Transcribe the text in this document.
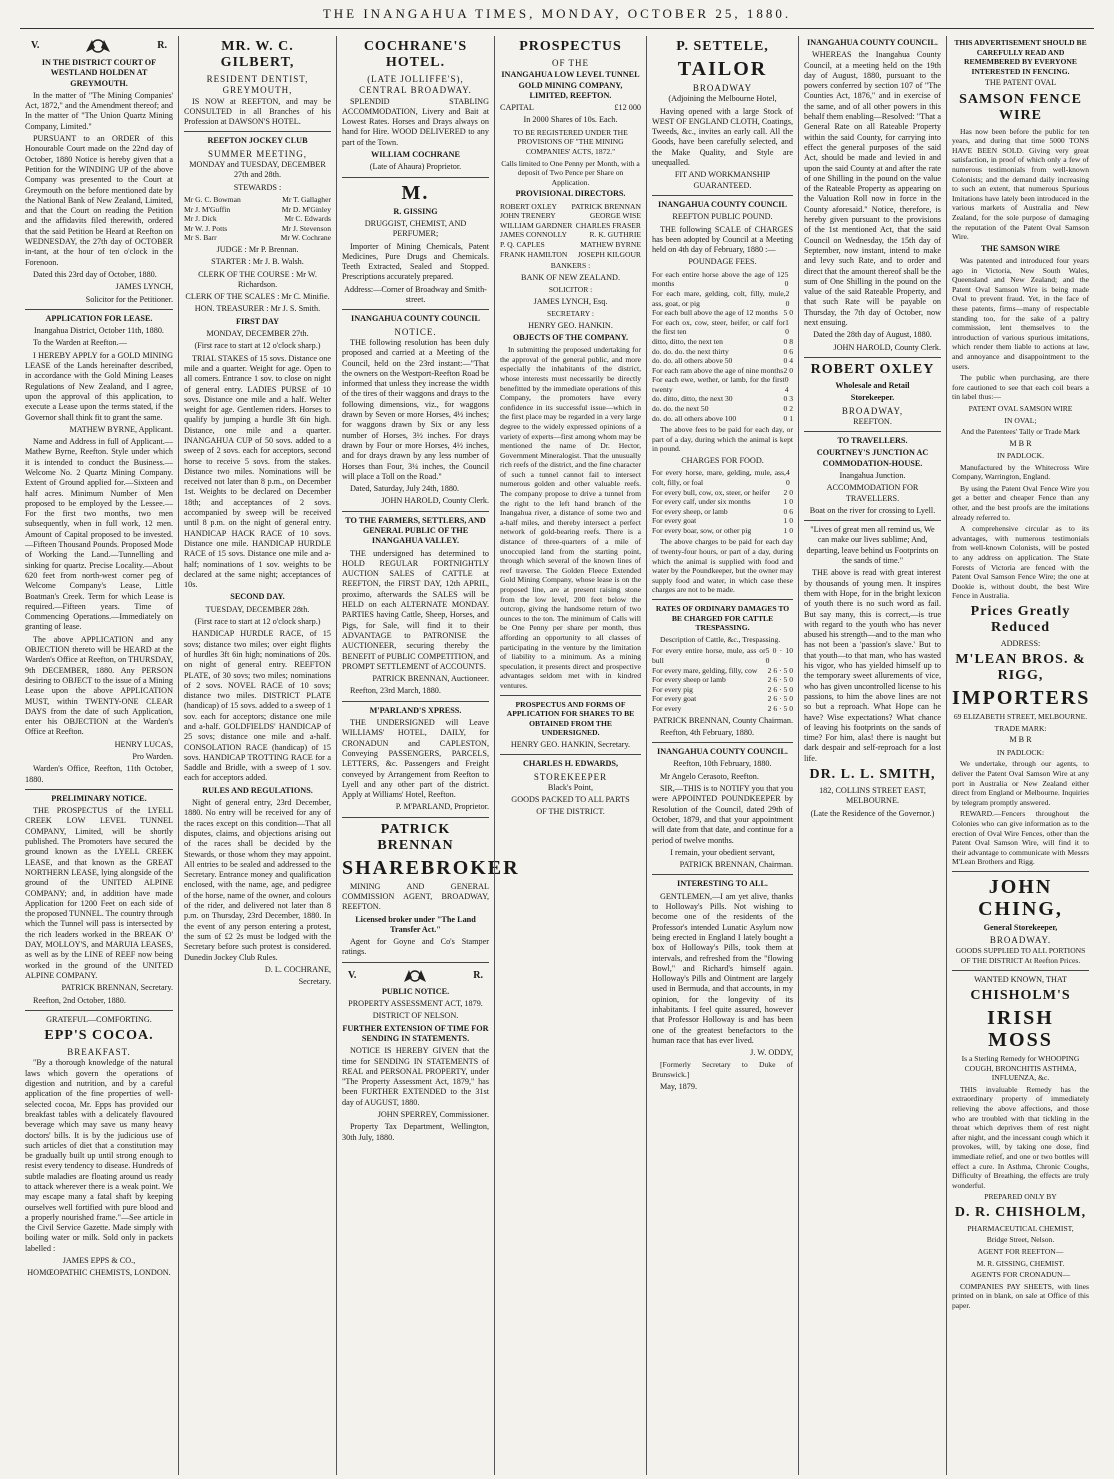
THE INANGAHUA TIMES, MONDAY, OCTOBER 25, 1880.
V.	R.

IN THE DISTRICT COURT OF WESTLAND HOLDEN AT GREYMOUTH.

In the matter of "The Mining Companies' Act, 1872," and the Amendment thereof; and In the matter of "The Union Quartz Mining Company, Limited."

PURSUANT to an ORDER of this Honourable Court made on the 22nd day of October, 1880 Notice is hereby given that a Petition for the WINDING UP of the above Company was presented to the Court at Greymouth on the before mentioned date by the National Bank of New Zealand, Limited, and that the Court on reading the Petition and the affidavits filed therewith, ordered that the said Petition be Heard at Reefton on WEDNESDAY, the 27th day of OCTOBER in-tant, at the hour of ten o'clock in the Forenoon.

Dated this 23rd day of October, 1880.

JAMES LYNCH,

Solicitor for the Petitioner.

APPLICATION FOR LEASE.

Inangahua District, October 11th, 1880.

To the Warden at Reefton.—

I HEREBY APPLY for a GOLD MINING LEASE of the Lands hereinafter described, in accordance with the Gold Mining Leases Regulations of New Zealand, and I agree, upon the approval of this application, to execute a Lease upon the terms stated, if the Governor shall think fit to grant the same.

MATHEW BYRNE, Applicant.

Name and Address in full of Applicant.—Mathew Byrne, Reefton. Style under which it is intended to conduct the Business.—Welcome No. 2 Quartz Mining Company. Extent of Ground applied for.—Sixteen and half acres. Minimum Number of Men proposed to be employed by the Lessee.—For the first two months, two men subsequently, when in full work, 12 men. Amount of Capital proposed to be invested.—Fifteen Thousand Pounds. Proposed Mode of Working the Land.—Tunnelling and sinking for quartz. Precise Locality.—About 620 feet from north-west corner peg of Welcome Company's Lease, Little Boatman's Creek. Term for which Lease is required.—Fifteen years. Time of Commencing Operations.—Immediately on granting of lease.

The above APPLICATION and any OBJECTION thereto will be HEARD at the Warden's Office at Reefton, on THURSDAY, 9th DECEMBER, 1880. Any PERSON desiring to OBJECT to the issue of a Mining Lease upon the above APPLICATION MUST, within TWENTY-ONE CLEAR DAYS from the date of such Application, enter his OBJECTION at the Warden's Office at Reefton.

HENRY LUCAS,

Pro Warden.

Warden's Office, Reefton, 11th October, 1880.

PRELIMINARY NOTICE.

THE PROSPECTUS of the LYELL CREEK LOW LEVEL TUNNEL COMPANY, Limited, will be shortly published. The Promoters have secured the ground known as the LYELL CREEK LEASE, and that known as the GREAT NORTHERN LEASE, lying alongside of the ground of the UNITED ALPINE COMPANY; and, in addition have made Application for 1200 Feet on each side of the proposed TUNNEL. The country through which the Tunnel will pass is intersected by the rich leaders worked in the BREAK O' DAY, MOLLOY'S, and MARUIA LEASES, as well as by the LINE of REEF now being worked in the ground of the UNITED ALPINE COMPANY.

PATRICK BRENNAN, Secretary.

Reefton, 2nd October, 1880.

GRATEFUL—COMFORTING.

EPP'S COCOA.

BREAKFAST.

"By a thorough knowledge of the natural laws which govern the operations of digestion and nutrition, and by a careful application of the fine properties of well-selected cocoa, Mr. Epps has provided our breakfast tables with a delicately flavoured beverage which may save us many heavy doctors' bills. It is by the judicious use of such articles of diet that a constitution may be gradually built up until strong enough to resist every tendency to disease. Hundreds of subtle maladies are floating around us ready to attack wherever there is a weak point. We may escape many a fatal shaft by keeping ourselves well fortified with pure blood and a properly nourished frame."—See article in the Civil Service Gazette. Made simply with boiling water or milk. Sold only in packets labelled :

JAMES EPPS & CO.,

HOMŒOPATHIC CHEMISTS, LONDON.

MR. W. C. GILBERT,

RESIDENT DENTIST,

GREYMOUTH,

IS NOW at REEFTON, and may be CONSULTED in all Branches of his Profession at DAWSON'S HOTEL.

REEFTON JOCKEY CLUB

SUMMER MEETING,

MONDAY and TUESDAY, DECEMBER 27th and 28th.

STEWARDS :

Mr G. C. Bowman	Mr T. Gallagher
Mr J. M'Guffin	Mr D. M'Ginley
Mr J. Dick	Mr C. Edwards
Mr W. J. Potts	Mr J. Stevenson
Mr S. Barr	Mr W. Cochrane

JUDGE : Mr P. Brennan.

STARTER : Mr J. B. Walsh.

CLERK OF THE COURSE : Mr W. Richardson.

CLERK OF THE SCALES : Mr C. Minifie.

HON. TREASURER : Mr J. S. Smith.

FIRST DAY

MONDAY, DECEMBER 27th.

(First race to start at 12 o'clock sharp.)

TRIAL STAKES of 15 sovs. Distance one mile and a quarter. Weight for age. Open to all comers. Entrance 1 sov. to close on night of general entry. LADIES PURSE of 10 sovs. Distance one mile and a half. Welter weight for age. Gentlemen riders. Horses to qualify by jumping a hurdle 3ft 6in high. Distance, one mile and a quarter. INANGAHUA CUP of 50 sovs. added to a sweep of 2 sovs. each for acceptors, second horse to receive 5 sovs. from the stakes. Distance two miles. Nominations will be received not later than 8 p.m., on December 1st. Weights to be declared on December 18th; and acceptances of 2 sovs. accompanied by sweep will be received until 8 p.m. on the night of general entry. HANDICAP HACK RACE of 10 sovs. Distance one mile. HANDICAP HURDLE RACE of 15 sovs. Distance one mile and a-half; nominations of 1 sov. weights to be declared at the same night; acceptances of 10s.

SECOND DAY.

TUESDAY, DECEMBER 28th.

(First race to start at 12 o'clock sharp.)

HANDICAP HURDLE RACE, of 15 sovs; distance two miles; over eight flights of hurdles 3ft 6in high; nominations of 20s. on night of general entry. REEFTON PLATE, of 30 sovs; two miles; nominations of 2 sovs. NOVEL RACE of 10 sovs; distance two miles. DISTRICT PLATE (handicap) of 15 sovs. added to a sweep of 1 sov. each for acceptors; distance one mile and a-half. GOLDFIELDS' HANDICAP of 25 sovs; distance one mile and a-half. CONSOLATION RACE (handicap) of 15 sovs. HANDICAP TROTTING RACE for a Saddle and Bridle, with a sweep of 1 sov. each for acceptors added.

RULES AND REGULATIONS.

Night of general entry, 23rd December, 1880. No entry will be received for any of the races except on this condition—That all disputes, claims, and objections arising out of the races shall be decided by the Stewards, or those whom they may appoint. All entries to be sealed and addressed to the Secretary. Entrance money and qualification enclosed, with the name, age, and pedigree of the horse, name of the owner, and colours of the rider, and delivered not later than 8 p.m. on Thursday, 23rd December, 1880. In the event of any person entering a protest, the sum of £2 2s must be lodged with the Secretary before such protest is considered. Dunedin Jockey Club Rules.

D. L. COCHRANE,

Secretary.

COCHRANE'S HOTEL.

(LATE JOLLIFFE'S),

CENTRAL BROADWAY.

SPLENDID STABLING ACCOMMODATION, Livery and Bait at Lowest Rates. Horses and Drays always on hand for Hire. WOOD DELIVERED to any part of the Town.

WILLIAM COCHRANE

(Late of Ahaura) Proprietor.

M.

R. GISSING

DRUGGIST, CHEMIST, AND PERFUMER;

Importer of Mining Chemicals, Patent Medicines, Pure Drugs and Chemicals. Teeth Extracted, Sealed and Stopped. Prescriptions accurately prepared.

Address:—Corner of Broadway and Smith-street.

INANGAHUA COUNTY COUNCIL

NOTICE.

THE following resolution has been duly proposed and carried at a Meeting of the Council, held on the 23rd instant:—"That the owners on the Westport-Reefton Road be informed that unless they increase the width of the tires of their waggons and drays to the following dimensions, viz., for waggons drawn by Seven or more Horses, 4½ inches; for waggons drawn by Six or any less number of Horses, 3½ inches. For drays drawn by Four or more Horses, 4½ inches, and for drays drawn by any less number of Horses than Four, 3¼ inches, the Council will place a Toll on the Road."

Dated, Saturday, July 24th, 1880.

JOHN HAROLD, County Clerk.

TO THE FARMERS, SETTLERS, AND GENERAL PUBLIC OF THE INANGAHUA VALLEY.

THE undersigned has determined to HOLD REGULAR FORTNIGHTLY AUCTION SALES of CATTLE at REEFTON, the FIRST DAY, 12th APRIL, proximo, afterwards the SALES will be HELD on each ALTERNATE MONDAY. PARTIES having Cattle, Sheep, Horses, and Pigs, for Sale, will find it to their ADVANTAGE to PATRONISE the AUCTIONEER, securing thereby the BENEFIT of PUBLIC COMPETITION, and PROMPT SETTLEMENT of ACCOUNTS.

PATRICK BRENNAN, Auctioneer.

Reefton, 23rd March, 1880.

M'PARLAND'S XPRESS.

THE UNDERSIGNED will Leave WILLIAMS' HOTEL, DAILY, for CRONADUN and CAPLESTON, Conveying PASSENGERS, PARCELS, LETTERS, &c. Passengers and Freight conveyed by Arrangement from Reefton to Lyell and any other part of the district. Apply at Williams' Hotel, Reefton.

P. M'PARLAND, Proprietor.

PATRICK BRENNAN

SHAREBROKER

MINING AND GENERAL COMMISSION AGENT, BROADWAY, REEFTON.

Licensed broker under "The Land Transfer Act."

Agent for Goyne and Co's Stamper ratings.

V.	R.

PUBLIC NOTICE.

PROPERTY ASSESSMENT ACT, 1879.

DISTRICT OF NELSON.

FURTHER EXTENSION OF TIME FOR SENDING IN STATEMENTS.

NOTICE IS HEREBY GIVEN that the time for SENDING IN STATEMENTS of REAL and PERSONAL PROPERTY, under "The Property Assessment Act, 1879," has been FURTHER EXTENDED to the 31st day of AUGUST, 1880.

JOHN SPERREY, Commissioner.

Property Tax Department, Wellington, 30th July, 1880.

PROSPECTUS

OF THE

INANGAHUA LOW LEVEL TUNNEL GOLD MINING COMPANY, LIMITED, REEFTON.

CAPITAL	£12 000

In 2000 Shares of 10s. Each.

TO BE REGISTERED UNDER THE PROVISIONS OF "THE MINING COMPANIES' ACTS, 1872."

Calls limited to One Penny per Month, with a deposit of Two Pence per Share on Application.

PROVISIONAL DIRECTORS.

ROBERT OXLEY PATRICK BRENNAN
JOHN TRENERY	GEORGE WISE
WILLIAM GARDNER CHARLES FRASER
JAMES CONNOLLY	R. K. GUTHRIE
P. Q. CAPLES	MATHEW BYRNE
FRANK HAMILTON JOSEPH KILGOUR

BANKERS :

BANK OF NEW ZEALAND.

SOLICITOR :

JAMES LYNCH, Esq.

SECRETARY :

HENRY GEO. HANKIN.

OBJECTS OF THE COMPANY.

In submitting the proposed undertaking for the approval of the general public, and more especially the inhabitants of the district, whose interests must necessarily be directly benefitted by the immediate operations of this Company, the promoters have every confidence in its successful issue—which in the first place may be regarded in a very large degree to the widely expressed opinions of a variety of experts—first among whom may be mentioned the name of Dr. Hector, Government Mineralogist. That the unusually rich reefs of the district, and the fine character of such a tunnel cannot fail to intersect numerous golden and other valuable reefs. The company propose to drive a tunnel from the right to the left hand branch of the Inangahua river, a distance of some two and a-half miles, and thereby intersect a perfect network of gold-bearing reefs. There is a distance of three-quarters of a mile of unoccupied land from the starting point, through which several of the known lines of reef traverse. The Golden Fleece Extended Gold Mining Company, whose lease is on the proposed line, are at present raising stone from the low level, 200 feet below the outcrop, giving the handsome return of two ounces to the ton. The minimum of Calls will be One Penny per share per month, thus affording an opportunity to all classes of participating in the venture by the limitation of liability to a minimum. As a mining speculation, it presents direct and prospective advantages seldom met with in kindred ventures.

PROSPECTUS AND FORMS OF APPLICATION FOR SHARES TO BE OBTAINED FROM THE UNDERSIGNED.

HENRY GEO. HANKIN, Secretary.

CHARLES H. EDWARDS,

STOREKEEPER

Black's Point,

GOODS PACKED TO ALL PARTS

OF THE DISTRICT.

P. SETTELE,

TAILOR

BROADWAY

(Adjoining the Melbourne Hotel,

Having opened with a large Stock of WEST OF ENGLAND CLOTH, Coatings, Tweeds, &c., invites an early call. All the Goods, have been carefully selected, and the Make Quality, and Style are unequalled.

FIT AND WORKMANSHIP GUARANTEED.

INANGAHUA COUNTY COUNCIL

REEFTON PUBLIC POUND.

THE following SCALE of CHARGES has been adopted by Council at a Meeting held on 4th day of February, 1880 :—

POUNDAGE FEES.

For each entire horse above the age of 12 months
5 0
For each mare, gelding, colt, filly, mule, ass, goat, or pig
2 0
For each bull above the age of 12 months 5 0
For each ox, cow, steer, heifer, or calf for the first ten
1 0
ditto, ditto, the next ten	0 8
do. do. do. the next thirty	0 6
do. do. all others above 50	0 4
For each ram above the age of nine months 2 0
For each ewe, wether, or lamb, for the first twenty
0 4
do. ditto, ditto, the next 30	0 3
do. do. the next 50	0 2
do. do. all others above 100	0 1

The above fees to be paid for each day, or part of a day, during which the animal is kept in pound.

CHARGES FOR FOOD.

For every horse, mare, gelding, mule, ass, colt, filly, or foal
4 0
For every bull, cow, ox, steer, or heifer 2 0
For every calf, under six months	1 0
For every sheep, or lamb	0 6
For every goat	1 0
For every boar, sow, or other pig	1 0

The above charges to be paid for each day of twenty-four hours, or part of a day, during which the animal is supplied with food and water by the Poundkeeper, but the owner may supply food and water, in which case these charges are not to be made.

RATES OF ORDINARY DAMAGES TO BE CHARGED FOR CATTLE TRESPASSING.

Description of Cattle, &c., Trespassing.

For every entire horse, mule, ass or bull
5 0 · 10 0
For every mare, gelding, filly, cow 2 6 · 5 0
For every sheep or lamb	2 6 · 5 0
For every pig	2 6 · 5 0
For every goat	2 6 · 5 0
For every	2 6 · 5 0

PATRICK BRENNAN, County Chairman.

Reefton, 4th February, 1880.

INANGAHUA COUNTY COUNCIL.

Reefton, 10th February, 1880.

Mr Angelo Cerasoto, Reefton.

SIR,—THIS is to NOTIFY you that you were APPOINTED POUNDKEEPER by Resolution of the Council, dated 29th of October, 1879, and that your appointment will date from that date, and continue for a period of twelve months.

I remain, your obedient servant,

PATRICK BRENNAN, Chairman.

INTERESTING TO ALL.

GENTLEMEN,—I am yet alive, thanks to Holloway's Pills. Not wishing to become one of the residents of the Professor's intended Lunatic Asylum now being erected in England I lately bought a box of Holloway's Pills, took them at intervals, and refreshed from the "flowing Bowl," and Richard's himself again. Holloway's Pills and Ointment are largely used in Bermuda, and that accounts, in my opinion, for the longevity of its inhabitants. I feel quite assured, however that Professor Holloway is and has been one of the greatest benefactors to the human race that has ever lived.

J. W. ODDY,

[Formerly Secretary to Duke of Brunswick.]

May, 1879.

INANGAHUA COUNTY COUNCIL.

WHEREAS the Inangahua County Council, at a meeting held on the 19th day of August, 1880, pursuant to the powers conferred by section 107 of "The Counties Act, 1876," and in exercise of the same, and of all other powers in this behalf them enabling—Resolved: "That a General Rate on all Rateable Property within the said County, for carrying into effect the general purposes of the said Act, should be made and levied in and upon the said County at and after the rate of one Shilling in the pound on the value of the Rateable Property as appearing on the Valuation Roll now in force in the County aforesaid." Notice, therefore, is hereby given pursuant to the provisions of the 1st mentioned Act, that the said Council on Wednesday, the 15th day of September, now instant, intend to make and levy such Rate, and to order and direct that the amount thereof shall be the sum of One Shilling in the pound on the value of the said Rateable Property, and that such Rate will be payable on Thursday, the 7th day of October, now next ensuing.

Dated the 28th day of August, 1880.

JOHN HAROLD, County Clerk.

ROBERT OXLEY

Wholesale and Retail

Storekeeper.

BROADWAY,

REEFTON.

TO TRAVELLERS.

COURTNEY'S JUNCTION AC COMMODATION-HOUSE.

Inangahua Junction.

ACCOMMODATION FOR TRAVELLERS.

Boat on the river for crossing to Lyell.

"Lives of great men all remind us, We can make our lives sublime; And, departing, leave behind us Footprints on the sands of time."

THE above is read with great interest by thousands of young men. It inspires them with Hope, for in the bright lexicon of youth there is no such word as fail. But say many, this is correct,—is true with regard to the youth who has never abused his strength—and to the man who has not been a 'passion's slave.' But to that youth—to that man, who has wasted his vigor, who has yielded himself up to the temporary sweet allurements of vice, who has given uncontrolled license to his passions, to him the above lines are not so but a reproach. What Hope can he have? Wise expectations? What chance of leaving his footprints on the sands of time? For him, alas! there is naught but dark despair and self-reproach for a lost life.

DR. L. L. SMITH,

182, COLLINS STREET EAST, MELBOURNE.

(Late the Residence of the Governor.)

THIS ADVERTISEMENT SHOULD BE CAREFULLY READ AND REMEMBERED BY EVERYONE INTERESTED IN FENCING.

THE PATENT OVAL

SAMSON FENCE WIRE

Has now been before the public for ten years, and during that time 5000 TONS HAVE BEEN SOLD. Giving very great satisfaction, in proof of which only a few of numerous testimonials from well-known Colonists; and the demand daily increasing to such an extent, that numerous Spurious Imitations have lately been introduced in the various markets of Australia and New Zealand, for the sole purpose of damaging the reputation of the Patent Oval Samson Wire.

THE SAMSON WIRE

Was patented and introduced four years ago in Victoria, New South Wales, Queensland and New Zealand; and the Patent Oval Samson Wire is being made Oval to prevent fraud. Yet, in the face of these patents, firms—many of respectable standing too, for the sake of a paltry commission, lent themselves to the introduction of various spurious imitations, which render them liable to actions at law, and annoyance and disappointment to the users.

The public when purchasing, are there fore cautioned to see that each coil bears a tin label thus:—

PATENT OVAL SAMSON WIRE

IN OVAL;

And the Patentees' Tally or Trade Mark

M B R

IN PADLOCK.

Manufactured by the Whitecross Wire Company, Warrington, England.

By using the Patent Oval Fence Wire you get a better and cheaper Fence than any other, and the best proofs are the imitations already referred to.

A comprehensive circular as to its advantages, with numerous testimonials from well-known Colonists, will be posted to any address on application. The State Forests of Victoria are fenced with the Patent Oval Samson Fence Wire; the one at Dookie is, without doubt, the best Wire Fence in Australia.

Prices Greatly Reduced

ADDRESS:

M'LEAN BROS. & RIGG,

IMPORTERS

69 ELIZABETH STREET, MELBOURNE.

TRADE MARK:

M B R

IN PADLOCK:

We undertake, through our agents, to deliver the Patent Oval Samson Wire at any port in Australia or New Zealand either direct from England or Melbourne. Inquiries by telegram promptly answered.

REWARD.—Fencers throughout the Colonies who can give information as to the erection of Oval Wire Fences, other than the Patent Oval Samson Wire, will find it to their advantage to communicate with Messrs M'Lean Brothers and Rigg.

JOHN CHING,

General Storekeeper,

BROADWAY.

GOODS SUPPLIED TO ALL PORTIONS OF THE DISTRICT At Reefton Prices.

WANTED KNOWN, THAT

CHISHOLM'S

IRISH MOSS

Is a Sterling Remedy for WHOOPING COUGH, BRONCHITIS ASTHMA, INFLUENZA, &c.

THIS invaluable Remedy has the extraordinary property of immediately relieving the above affections, and those who are troubled with that tickling in the throat which deprives them of rest night after night, and the incessant cough which it provokes, will, by taking one dose, find immediate relief, and one or two bottles will effect a cure. In Asthma, Chronic Coughs, Difficulty of Breathing, the effects are truly wonderful.

PREPARED ONLY BY

D. R. CHISHOLM,

PHARMACEUTICAL CHEMIST,

Bridge Street, Nelson.

AGENT FOR REEFTON—

M. R. GISSING, CHEMIST.

AGENTS FOR CRONADUN—

COMPANIES PAY SHEETS, with lines printed on in blank, on sale at Office of this paper.
